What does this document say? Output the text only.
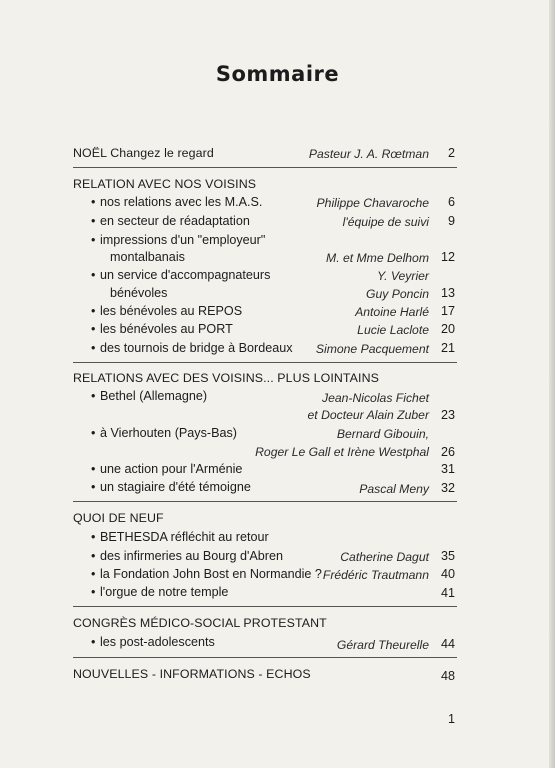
Sommaire
NOËL Changez le regard	Pasteur J. A. Rœtman 2
RELATION AVEC NOS VOISINS
• nos relations avec les M.A.S.	Philippe Chavaroche 6
• en secteur de réadaptation	l'équipe de suivi 9
• impressions d'un "employeur"
montalbanais	M. et Mme Delhom 12
• un service d'accompagnateurs	Y. Veyrier
bénévoles	Guy Poncin 13
• les bénévoles au REPOS	Antoine Harlé 17
• les bénévoles au PORT	Lucie Laclote 20
• des tournois de bridge à Bordeaux Simone Pacquement 21
RELATIONS AVEC DES VOISINS... PLUS LOINTAINS
• Bethel (Allemagne)	Jean-Nicolas Fichet
et Docteur Alain Zuber 23
• à Vierhouten (Pays-Bas)	Bernard Gibouin,
Roger Le Gall et Irène Westphal 26
• une action pour l'Arménie	31
• un stagiaire d'été témoigne	Pascal Meny 32
QUOI DE NEUF
• BETHESDA réfléchit au retour
• des infirmeries au Bourg d'Abren	Catherine Dagut 35
• la Fondation John Bost en Normandie ? Frédéric Trautmann 40
• l'orgue de notre temple	41
CONGRÈS MÉDICO-SOCIAL PROTESTANT
• les post-adolescents	Gérard Theurelle 44
NOUVELLES - INFORMATIONS - ECHOS	48
1
